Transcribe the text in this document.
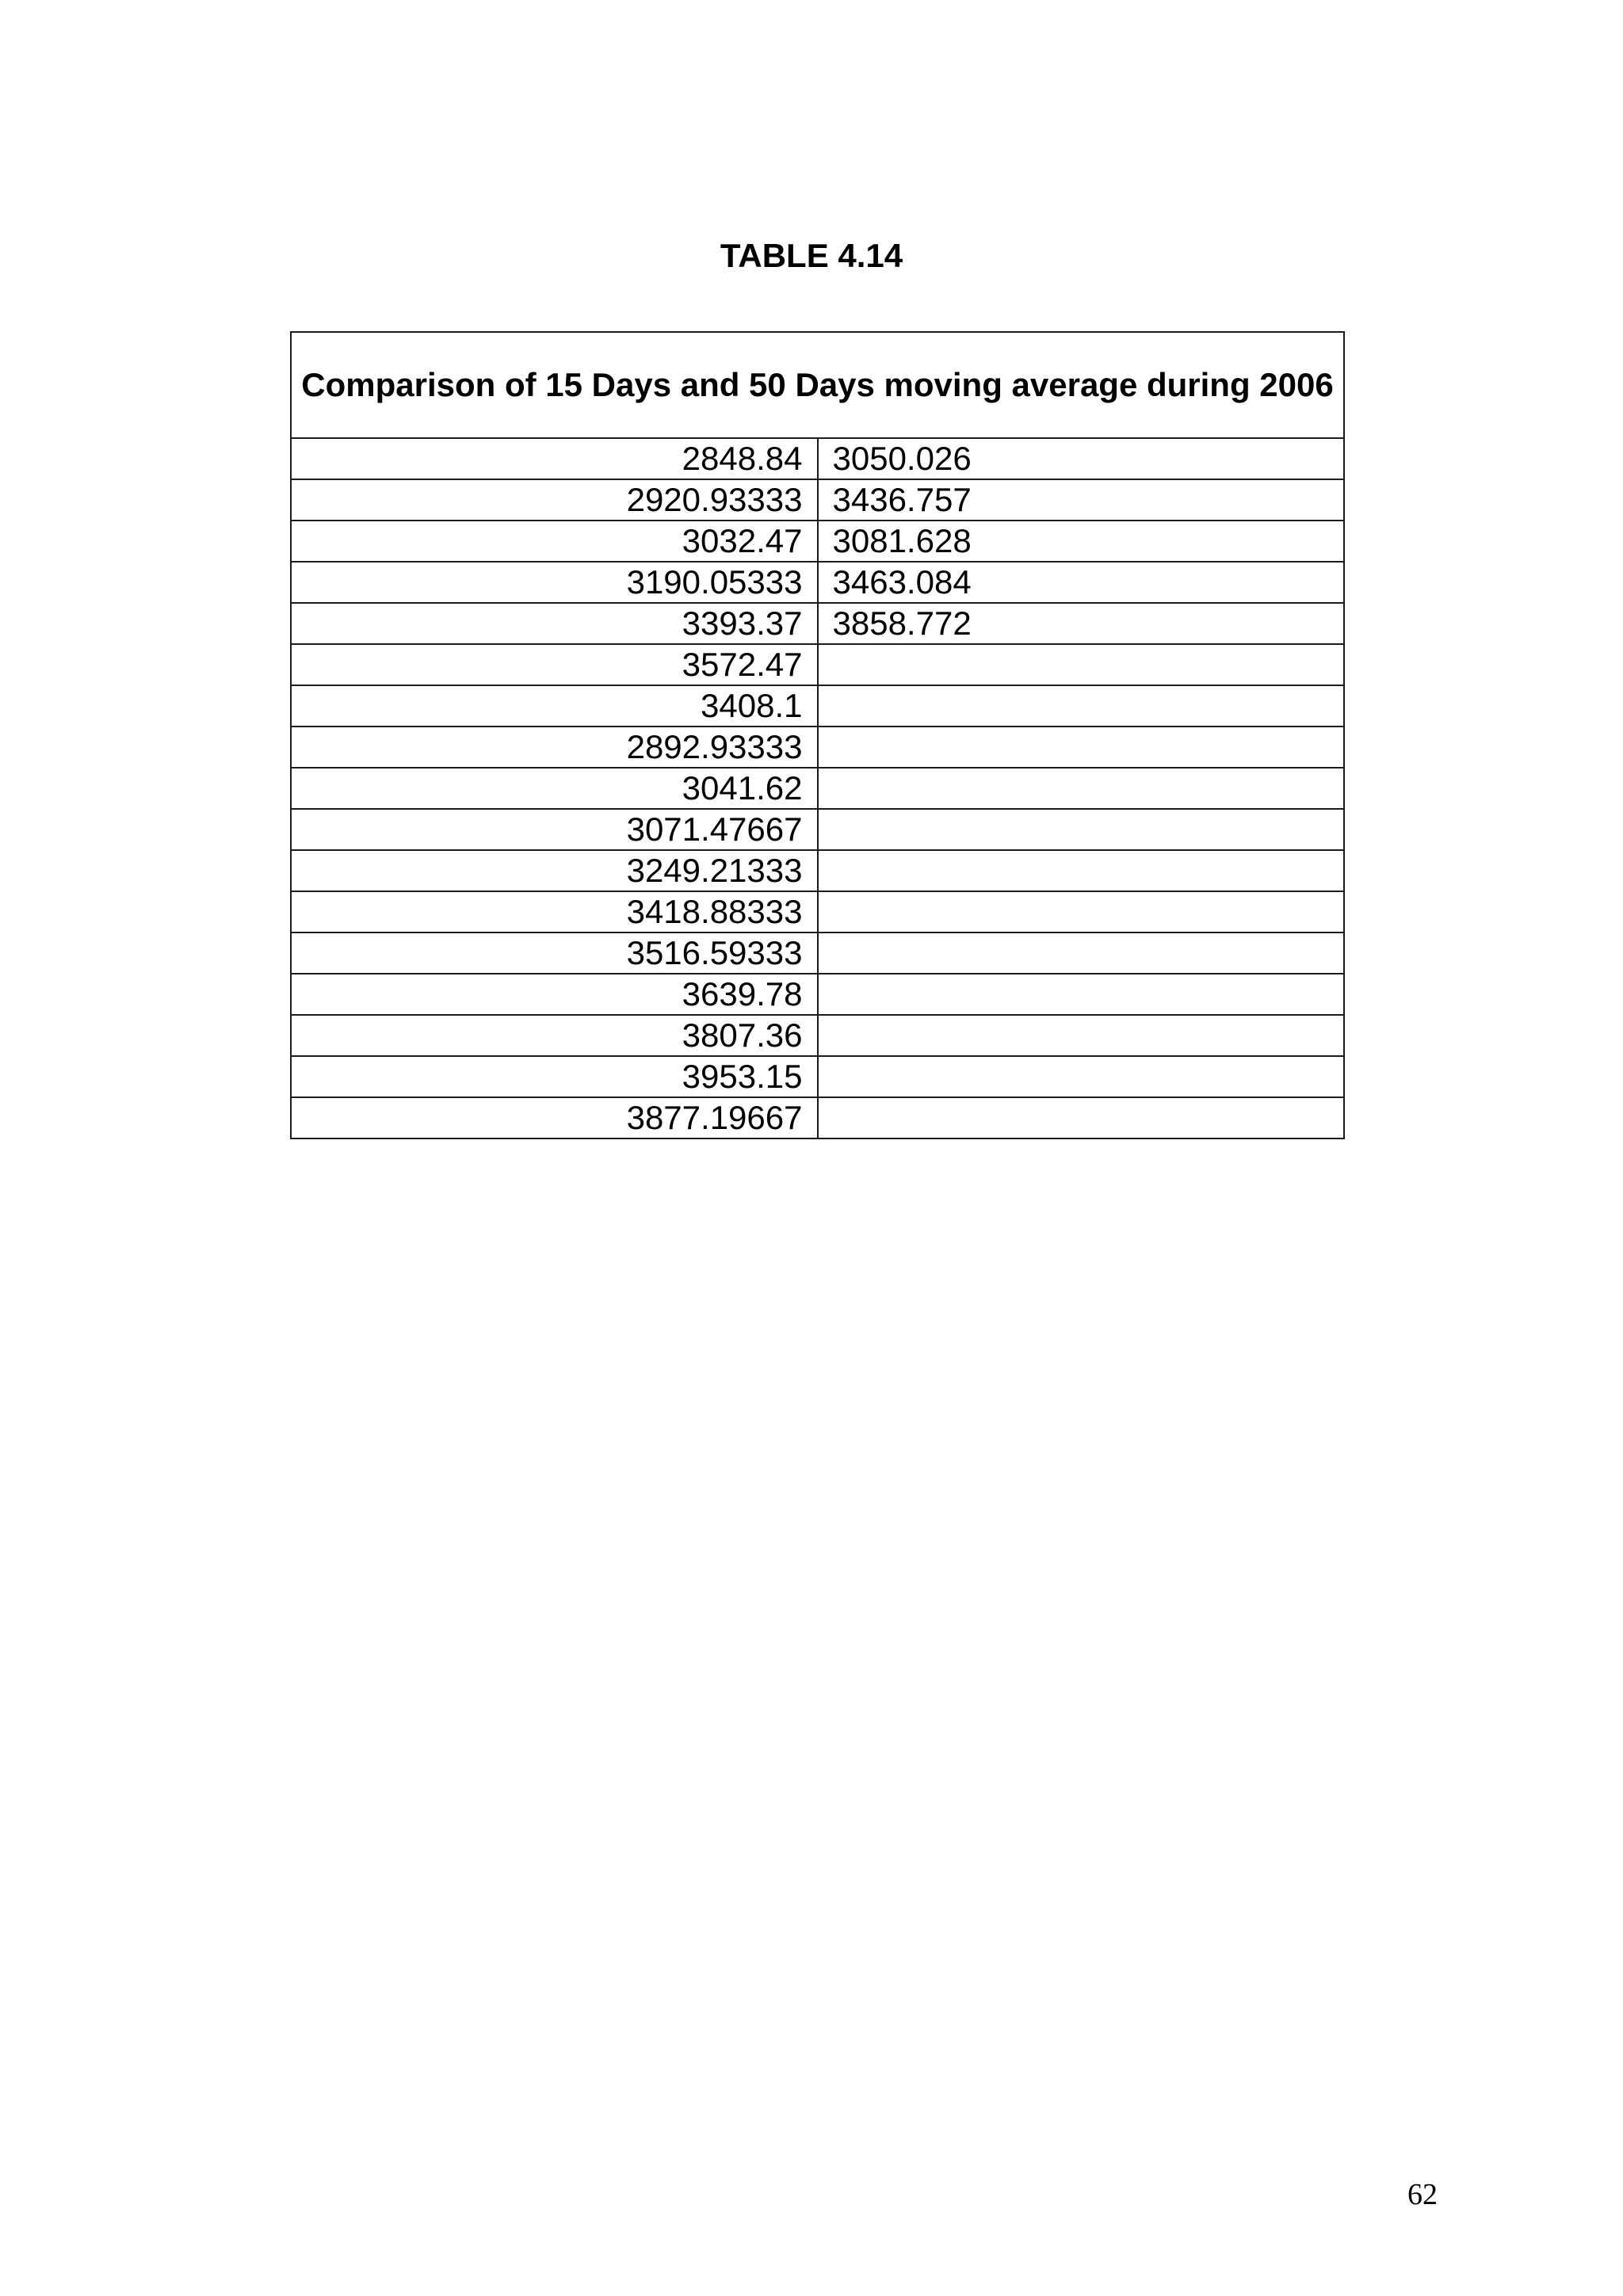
TABLE 4.14
Comparison of 15 Days and 50 Days moving average during 2006	
2848.84	3050.026
2920.93333	3436.757
3032.47	3081.628
3190.05333	3463.084
3393.37	3858.772
3572.47	
3408.1	
2892.93333	
3041.62	
3071.47667	
3249.21333	
3418.88333	
3516.59333	
3639.78	
3807.36	
3953.15	
3877.19667	
62
